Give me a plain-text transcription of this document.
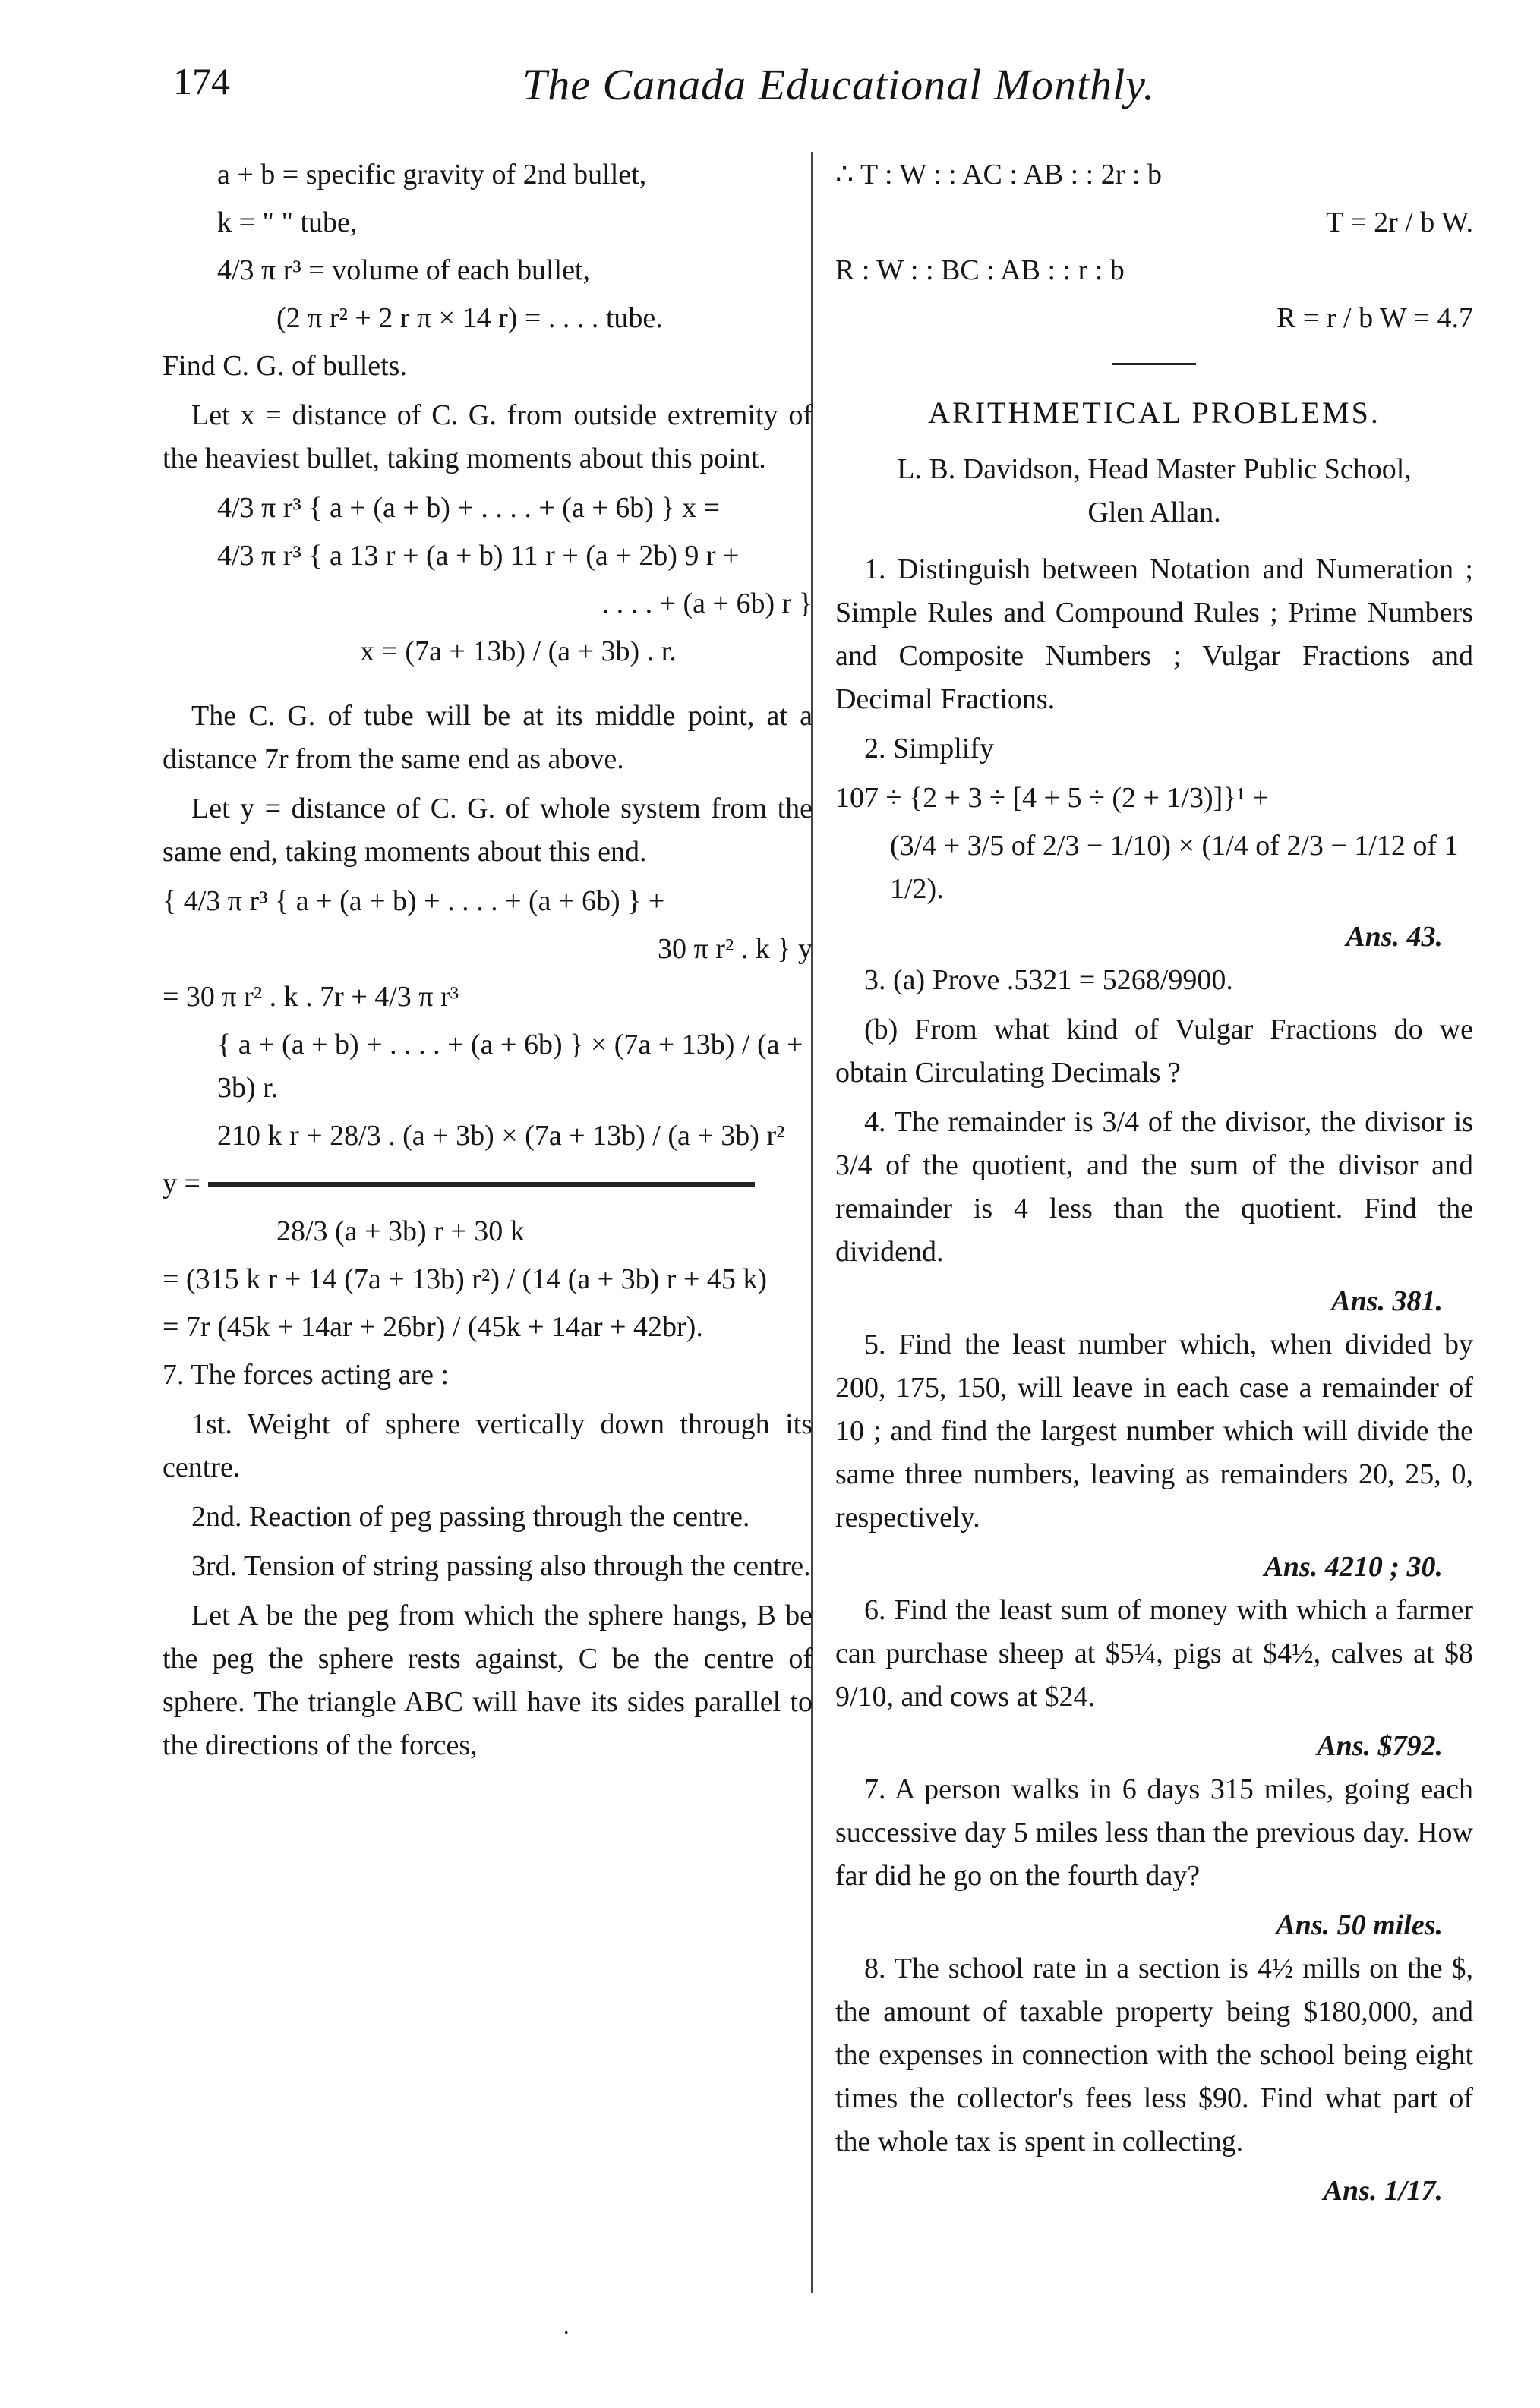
174	The Canada Educational Monthly.

a + b = specific gravity of 2nd bullet,

k = " " tube,

4/3 π r³ = volume of each bullet,

(2 π r² + 2 r π × 14 r) = . . . . tube.

Find C. G. of bullets.

Let x = distance of C. G. from outside extremity of the heaviest bullet, taking moments about this point.

4/3 π r³ { a + (a + b) + . . . . + (a + 6b) } x =

4/3 π r³ { a 13 r + (a + b) 11 r + (a + 2b) 9 r +

. . . . + (a + 6b) r }

x = (7a + 13b) / (a + 3b) . r.

The C. G. of tube will be at its middle point, at a distance 7r from the same end as above.

Let y = distance of C. G. of whole system from the same end, taking moments about this end.

{ 4/3 π r³ { a + (a + b) + . . . . + (a + 6b) } +

30 π r² . k } y

= 30 π r² . k . 7r + 4/3 π r³

{ a + (a + b) + . . . . + (a + 6b) } × (7a + 13b) / (a + 3b) r.

210 k r + 28/3 . (a + 3b) × (7a + 13b) / (a + 3b) r²

y =

28/3 (a + 3b) r + 30 k

= (315 k r + 14 (7a + 13b) r²) / (14 (a + 3b) r + 45 k)

= 7r (45k + 14ar + 26br) / (45k + 14ar + 42br).

7. The forces acting are :

1st. Weight of sphere vertically down through its centre.

2nd. Reaction of peg passing through the centre.

3rd. Tension of string passing also through the centre.

Let A be the peg from which the sphere hangs, B be the peg the sphere rests against, C be the centre of sphere. The triangle ABC will have its sides parallel to the directions of the forces,

∴ T : W : : AC : AB : : 2r : b

T = 2r / b W.

R : W : : BC : AB : : r : b

R = r / b W = 4.7

ARITHMETICAL PROBLEMS.

L. B. Davidson, Head Master Public School,

Glen Allan.

1. Distinguish between Notation and Numeration ; Simple Rules and Compound Rules ; Prime Numbers and Composite Numbers ; Vulgar Fractions and Decimal Fractions.

2. Simplify

107 ÷ {2 + 3 ÷ [4 + 5 ÷ (2 + 1/3)]}¹ +

(3/4 + 3/5 of 2/3 − 1/10) × (1/4 of 2/3 − 1/12 of 1 1/2).

Ans. 43.

3. (a) Prove .5321 = 5268/9900.

(b) From what kind of Vulgar Fractions do we obtain Circulating Decimals ?

4. The remainder is 3/4 of the divisor, the divisor is 3/4 of the quotient, and the sum of the divisor and remainder is 4 less than the quotient. Find the dividend.

Ans. 381.

5. Find the least number which, when divided by 200, 175, 150, will leave in each case a remainder of 10 ; and find the largest number which will divide the same three numbers, leaving as remainders 20, 25, 0, respectively.

Ans. 4210 ; 30.

6. Find the least sum of money with which a farmer can purchase sheep at $5¼, pigs at $4½, calves at $8 9/10, and cows at $24.

Ans. $792.

7. A person walks in 6 days 315 miles, going each successive day 5 miles less than the previous day. How far did he go on the fourth day?

Ans. 50 miles.

8. The school rate in a section is 4½ mills on the $, the amount of taxable property being $180,000, and the expenses in connection with the school being eight times the collector's fees less $90. Find what part of the whole tax is spent in collecting.

Ans. 1/17.

.
